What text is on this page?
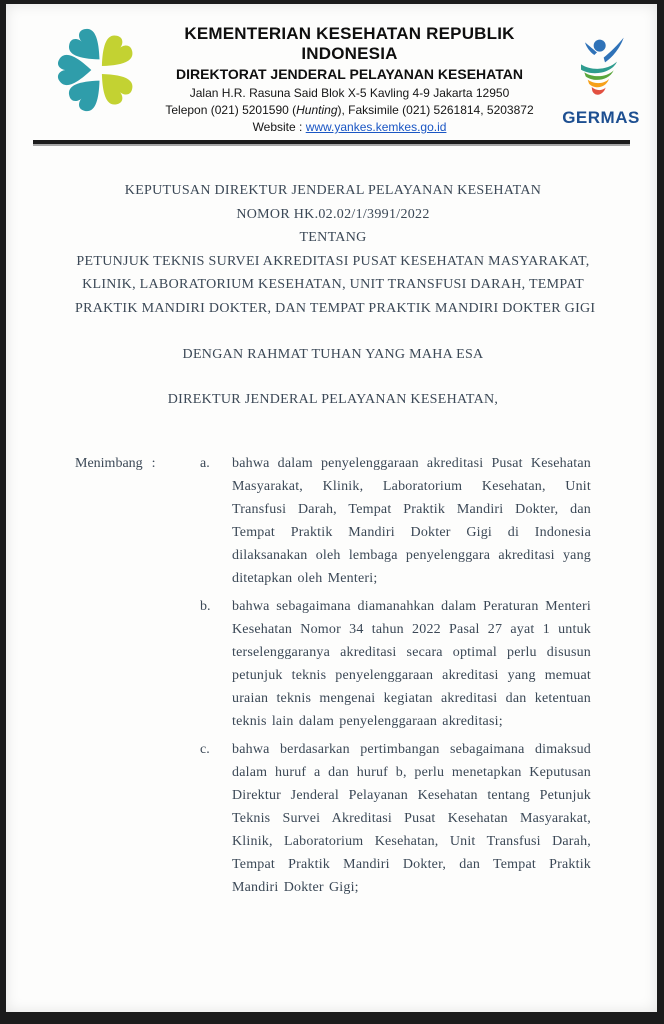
KEMENTERIAN KESEHATAN REPUBLIK INDONESIA
DIREKTORAT JENDERAL PELAYANAN KESEHATAN
Jalan H.R. Rasuna Said Blok X-5 Kavling 4-9 Jakarta 12950
Telepon (021) 5201590 (Hunting), Faksimile (021) 5261814, 5203872
Website : www.yankes.kemkes.go.id	GERMAS
KEPUTUSAN DIREKTUR JENDERAL PELAYANAN KESEHATAN
NOMOR HK.02.02/1/3991/2022
TENTANG
PETUNJUK TEKNIS SURVEI AKREDITASI PUSAT KESEHATAN MASYARAKAT,
KLINIK, LABORATORIUM KESEHATAN, UNIT TRANSFUSI DARAH, TEMPAT
PRAKTIK MANDIRI DOKTER, DAN TEMPAT PRAKTIK MANDIRI DOKTER GIGI
DENGAN RAHMAT TUHAN YANG MAHA ESA
DIREKTUR JENDERAL PELAYANAN KESEHATAN,
Menimbang :	a.	bahwa dalam penyelenggaraan akreditasi Pusat Kesehatan Masyarakat, Klinik, Laboratorium Kesehatan, Unit Transfusi Darah, Tempat Praktik Mandiri Dokter, dan Tempat Praktik Mandiri Dokter Gigi di Indonesia dilaksanakan oleh lembaga penyelenggara akreditasi yang ditetapkan oleh Menteri;
b.	bahwa sebagaimana diamanahkan dalam Peraturan Menteri Kesehatan Nomor 34 tahun 2022 Pasal 27 ayat 1 untuk terselenggaranya akreditasi secara optimal perlu disusun petunjuk teknis penyelenggaraan akreditasi yang memuat uraian teknis mengenai kegiatan akreditasi dan ketentuan teknis lain dalam penyelenggaraan akreditasi;
c.	bahwa berdasarkan pertimbangan sebagaimana dimaksud dalam huruf a dan huruf b, perlu menetapkan Keputusan Direktur Jenderal Pelayanan Kesehatan tentang Petunjuk Teknis Survei Akreditasi Pusat Kesehatan Masyarakat, Klinik, Laboratorium Kesehatan, Unit Transfusi Darah, Tempat Praktik Mandiri Dokter, dan Tempat Praktik Mandiri Dokter Gigi;
